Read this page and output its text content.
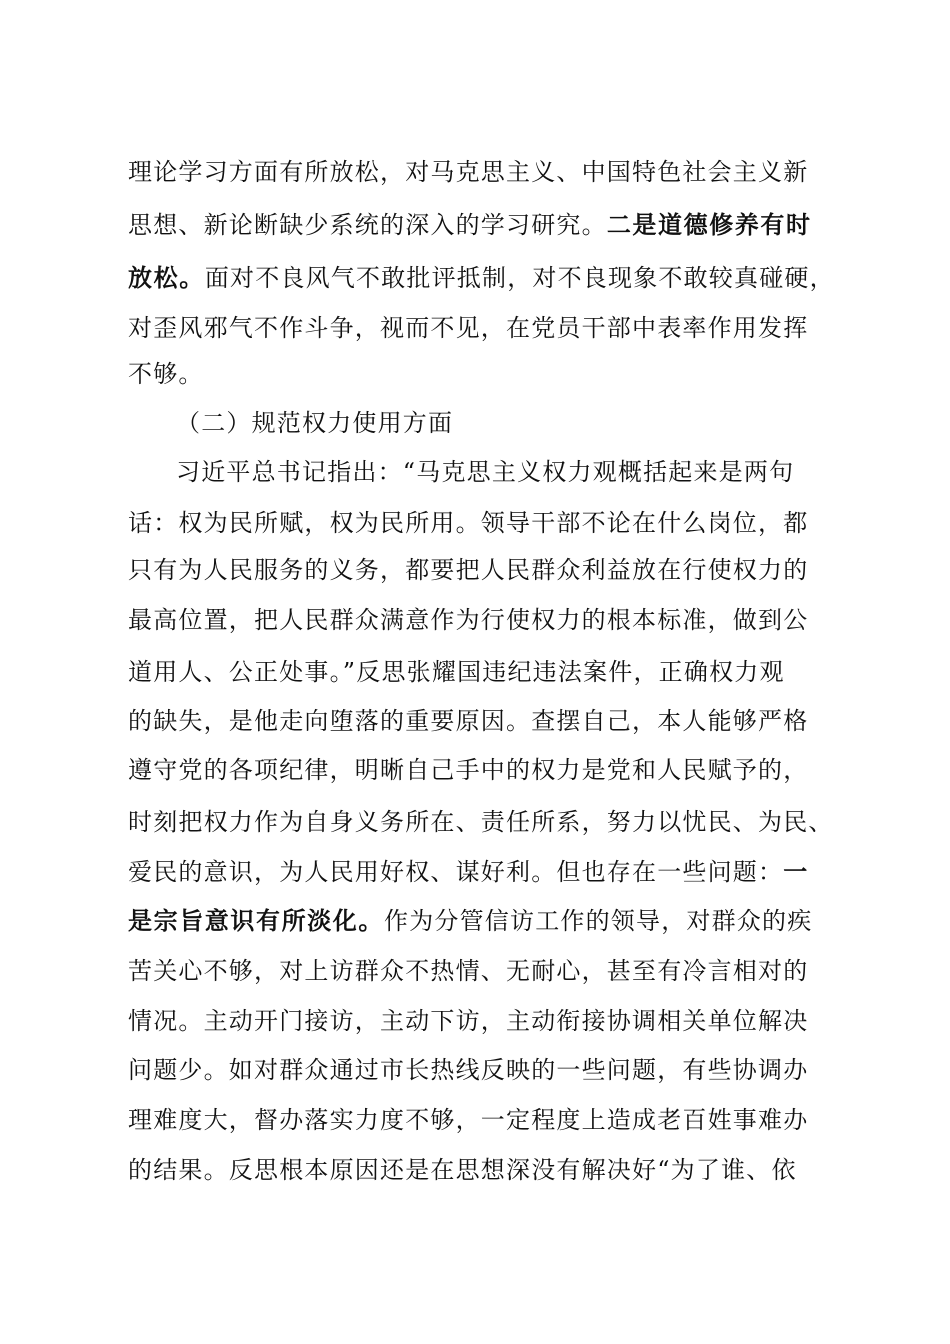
理论学习方面有所放松，对马克思主义、中国特色社会主义新
思想、新论断缺少系统的深入的学习研究。二是道德修养有时
放松。面对不良风气不敢批评抵制，对不良现象不敢较真碰硬，
对歪风邪气不作斗争，视而不见，在党员干部中表率作用发挥
不够。
（二）规范权力使用方面
习近平总书记指出：“马克思主义权力观概括起来是两句
话：权为民所赋，权为民所用。领导干部不论在什么岗位，都
只有为人民服务的义务，都要把人民群众利益放在行使权力的
最高位置，把人民群众满意作为行使权力的根本标准，做到公
道用人、公正处事。”反思张耀国违纪违法案件，正确权力观
的缺失，是他走向堕落的重要原因。查摆自己，本人能够严格
遵守党的各项纪律，明晰自己手中的权力是党和人民赋予的，
时刻把权力作为自身义务所在、责任所系，努力以忧民、为民、
爱民的意识，为人民用好权、谋好利。但也存在一些问题：一
是宗旨意识有所淡化。作为分管信访工作的领导，对群众的疾
苦关心不够，对上访群众不热情、无耐心，甚至有冷言相对的
情况。主动开门接访，主动下访，主动衔接协调相关单位解决
问题少。如对群众通过市长热线反映的一些问题，有些协调办
理难度大，督办落实力度不够，一定程度上造成老百姓事难办
的结果。反思根本原因还是在思想深没有解决好“为了谁、依
